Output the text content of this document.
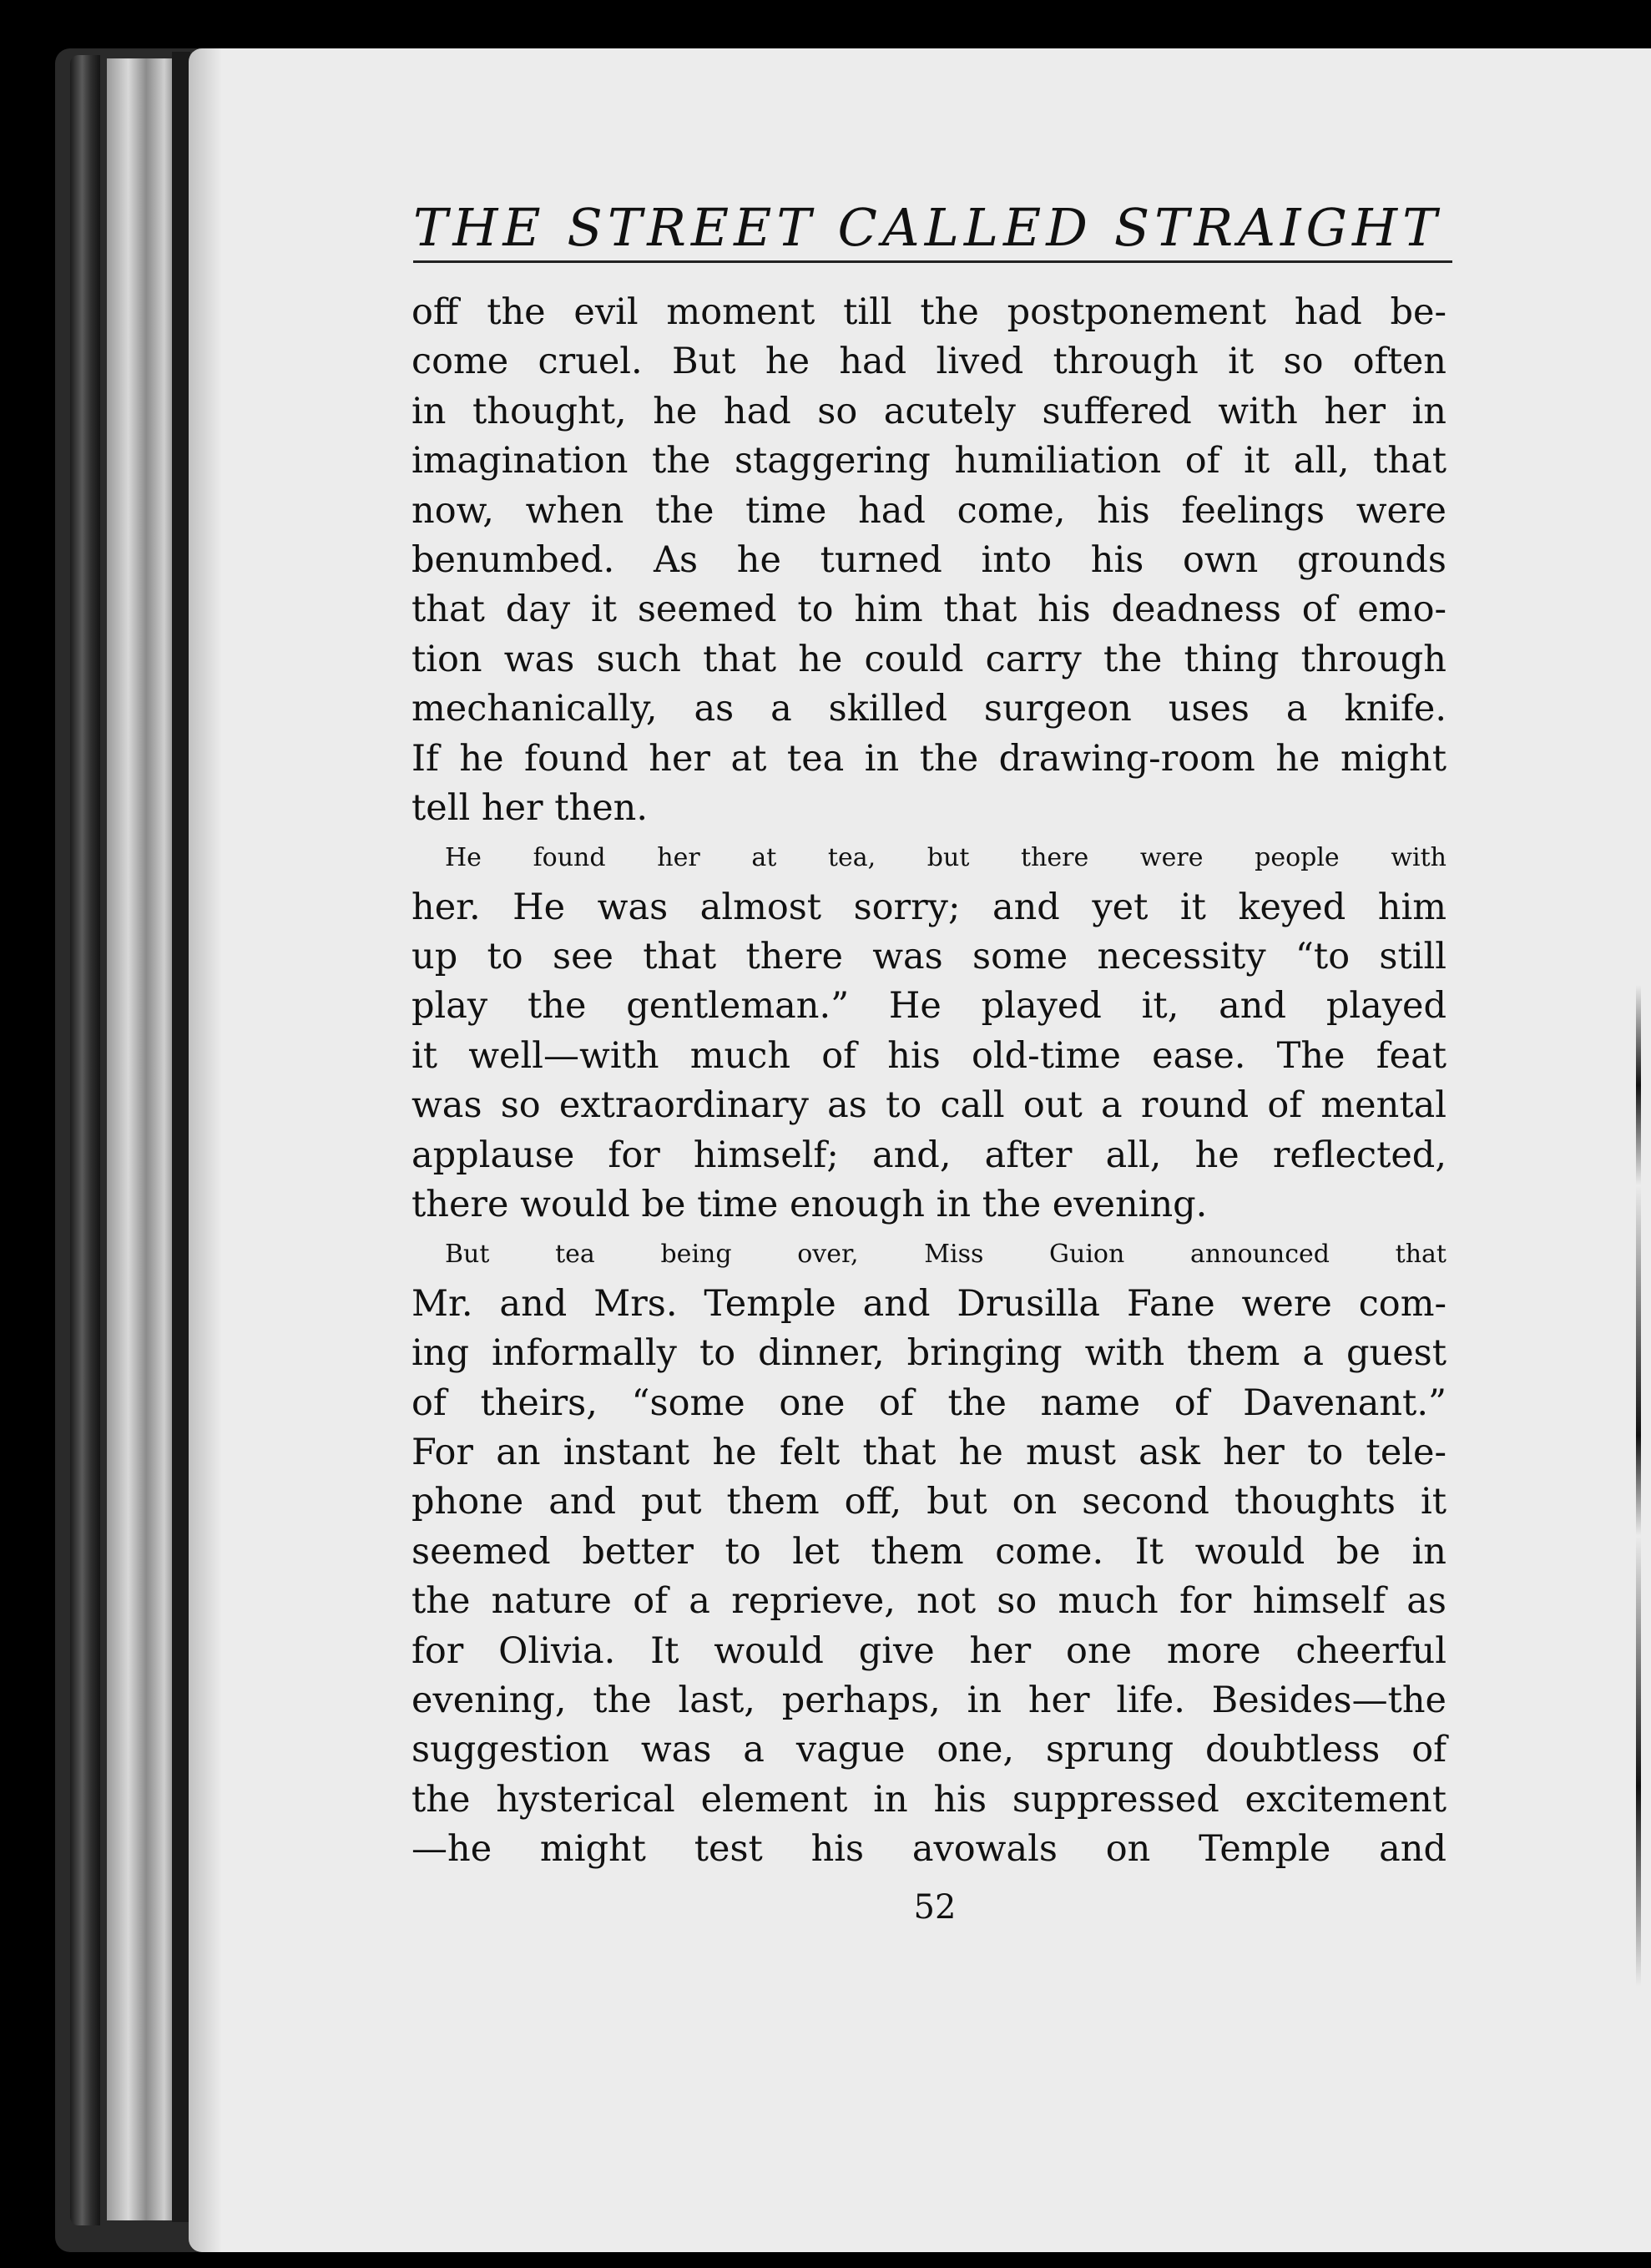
THE STREET CALLED STRAIGHT
off the evil moment till the postponement had be-
come cruel. But he had lived through it so often
in thought, he had so acutely suffered with her in
imagination the staggering humiliation of it all, that
now, when the time had come, his feelings were
benumbed. As he turned into his own grounds
that day it seemed to him that his deadness of emo-
tion was such that he could carry the thing through
mechanically, as a skilled surgeon uses a knife.
If he found her at tea in the drawing-room he might
tell her then.
He found her at tea, but there were people with
her. He was almost sorry; and yet it keyed him
up to see that there was some necessity “to still
play the gentleman.” He played it, and played
it well—with much of his old-time ease. The feat
was so extraordinary as to call out a round of mental
applause for himself; and, after all, he reflected,
there would be time enough in the evening.
But tea being over, Miss Guion announced that
Mr. and Mrs. Temple and Drusilla Fane were com-
ing informally to dinner, bringing with them a guest
of theirs, “some one of the name of Davenant.”
For an instant he felt that he must ask her to tele-
phone and put them off, but on second thoughts it
seemed better to let them come. It would be in
the nature of a reprieve, not so much for himself as
for Olivia. It would give her one more cheerful
evening, the last, perhaps, in her life. Besides—the
suggestion was a vague one, sprung doubtless of
the hysterical element in his suppressed excitement
—he might test his avowals on Temple and
52
